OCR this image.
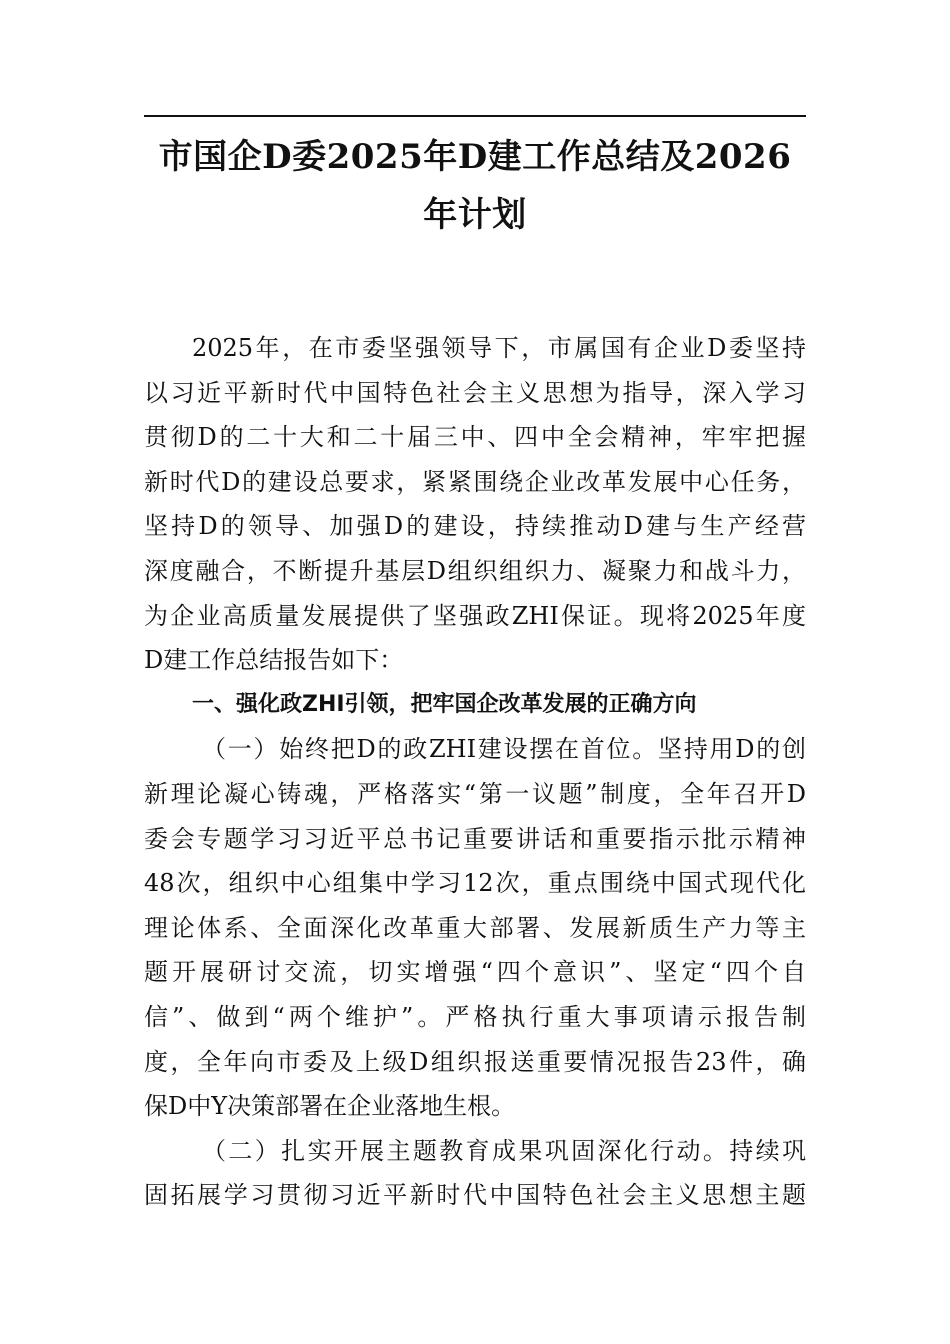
市国企D委2025年D建工作总结及2026
年计划
2025年，在市委坚强领导下，市属国有企业D委坚持
以习近平新时代中国特色社会主义思想为指导，深入学习
贯彻D的二十大和二十届三中、四中全会精神，牢牢把握
新时代D的建设总要求，紧紧围绕企业改革发展中心任务，
坚持D的领导、加强D的建设，持续推动D建与生产经营
深度融合，不断提升基层D组织组织力、凝聚力和战斗力，
为企业高质量发展提供了坚强政ZHI保证。现将2025年度
D建工作总结报告如下：
一、强化政ZHI引领，把牢国企改革发展的正确方向
（一）始终把D的政ZHI建设摆在首位。坚持用D的创
新理论凝心铸魂，严格落实“第一议题”制度，全年召开D
委会专题学习习近平总书记重要讲话和重要指示批示精神
48次，组织中心组集中学习12次，重点围绕中国式现代化
理论体系、全面深化改革重大部署、发展新质生产力等主
题开展研讨交流，切实增强“四个意识”、坚定“四个自
信”、做到“两个维护”。严格执行重大事项请示报告制
度，全年向市委及上级D组织报送重要情况报告23件，确
保D中Y决策部署在企业落地生根。
（二）扎实开展主题教育成果巩固深化行动。持续巩
固拓展学习贯彻习近平新时代中国特色社会主义思想主题
